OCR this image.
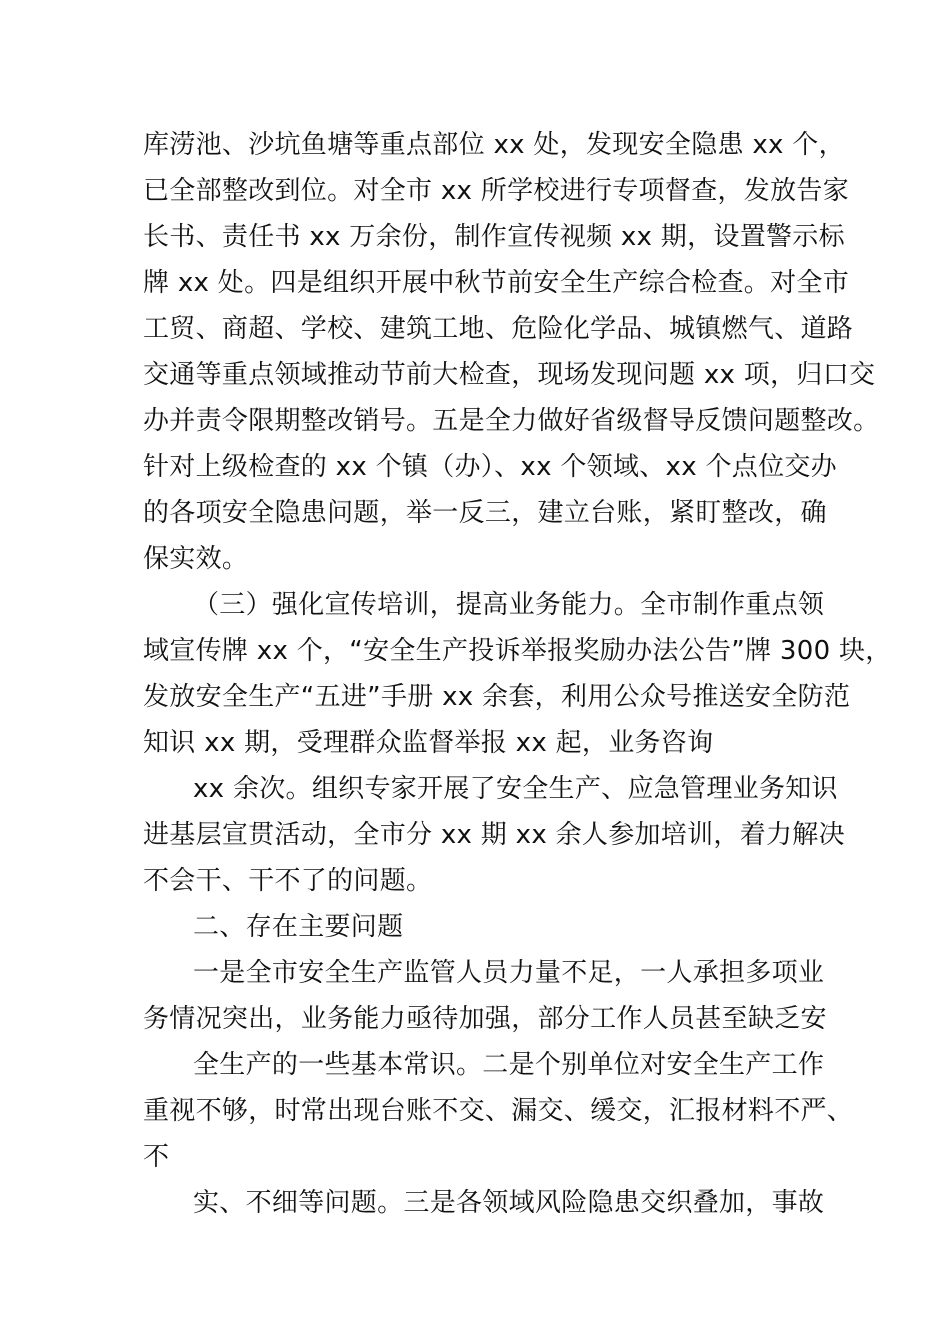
库涝池、沙坑鱼塘等重点部位 xx 处，发现安全隐患 xx 个，
已全部整改到位。对全市 xx 所学校进行专项督查，发放告家
长书、责任书 xx 万余份，制作宣传视频 xx 期，设置警示标
牌 xx 处。四是组织开展中秋节前安全生产综合检查。对全市
工贸、商超、学校、建筑工地、危险化学品、城镇燃气、道路
交通等重点领域推动节前大检查，现场发现问题 xx 项，归口交
办并责令限期整改销号。五是全力做好省级督导反馈问题整改。
针对上级检查的 xx 个镇（办）、xx 个领域、xx 个点位交办
的各项安全隐患问题，举一反三，建立台账，紧盯整改，确
保实效。
（三）强化宣传培训，提高业务能力。全市制作重点领
域宣传牌 xx 个，“安全生产投诉举报奖励办法公告”牌 300 块，
发放安全生产“五进”手册 xx 余套，利用公众号推送安全防范
知识 xx 期，受理群众监督举报 xx 起，业务咨询
xx 余次。组织专家开展了安全生产、应急管理业务知识
进基层宣贯活动，全市分 xx 期 xx 余人参加培训，着力解决
不会干、干不了的问题。
二、存在主要问题
一是全市安全生产监管人员力量不足，一人承担多项业
务情况突出，业务能力亟待加强，部分工作人员甚至缺乏安
全生产的一些基本常识。二是个别单位对安全生产工作
重视不够，时常出现台账不交、漏交、缓交，汇报材料不严、
不
实、不细等问题。三是各领域风险隐患交织叠加，事故
